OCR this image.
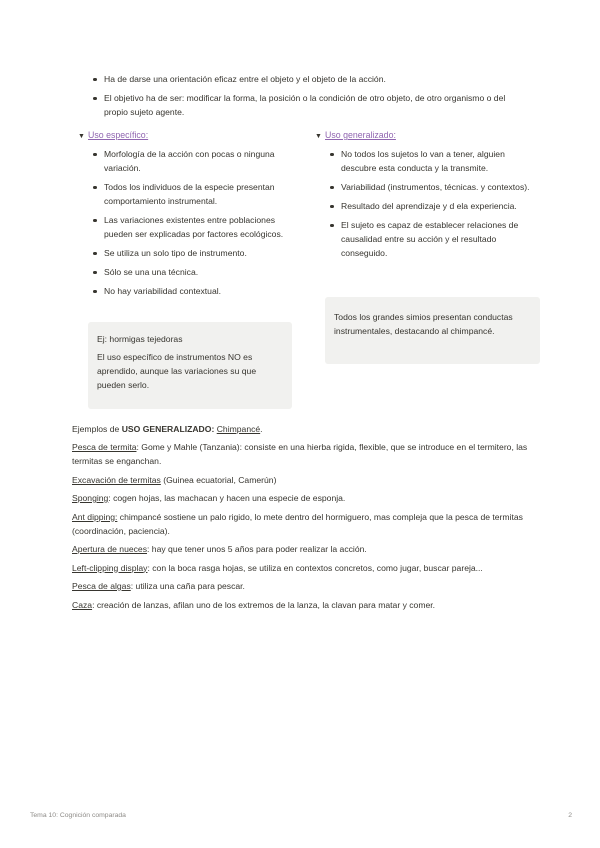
Ha de darse una orientación eficaz entre el objeto y el objeto de la acción.
El objetivo ha de ser: modificar la forma, la posición o la condición de otro objeto, de otro organismo o del propio sujeto agente.
▼ Uso específico:
Morfología de la acción con pocas o ninguna variación.
Todos los individuos de la especie presentan comportamiento instrumental.
Las variaciones existentes entre poblaciones pueden ser explicadas por factores ecológicos.
Se utiliza un solo tipo de instrumento.
Sólo se una una técnica.
No hay variabilidad contextual.

Ej: hormigas tejedoras

El uso específico de instrumentos NO es aprendido, aunque las variaciones su que pueden serlo.

▼ Uso generalizado:
No todos los sujetos lo van a tener, alguien descubre esta conducta y la transmite.
Variabilidad (instrumentos, técnicas. y contextos).
Resultado del aprendizaje y d ela experiencia.
El sujeto es capaz de establecer relaciones de causalidad entre su acción y el resultado conseguido.
Todos los grandes simios presentan conductas instrumentales, destacando al chimpancé.

Ejemplos de USO GENERALIZADO: Chimpancé.

Pesca de termita: Gome y Mahle (Tanzania): consiste en una hierba rigida, flexible, que se introduce en el termitero, las termitas se enganchan.

Excavación de termitas (Guinea ecuatorial, Camerún)

Sponging: cogen hojas, las machacan y hacen una especie de esponja.

Ant dipping: chimpancé sostiene un palo rigido, lo mete dentro del hormiguero, mas compleja que la pesca de termitas (coordinación, paciencia).

Apertura de nueces: hay que tener unos 5 años para poder realizar la acción.

Left-clipping display: con la boca rasga hojas, se utiliza en contextos concretos, como jugar, buscar pareja...

Pesca de algas: utiliza una caña para pescar.

Caza: creación de lanzas, afilan uno de los extremos de la lanza, la clavan para matar y comer.

Tema 10: Cognición comparada	2
